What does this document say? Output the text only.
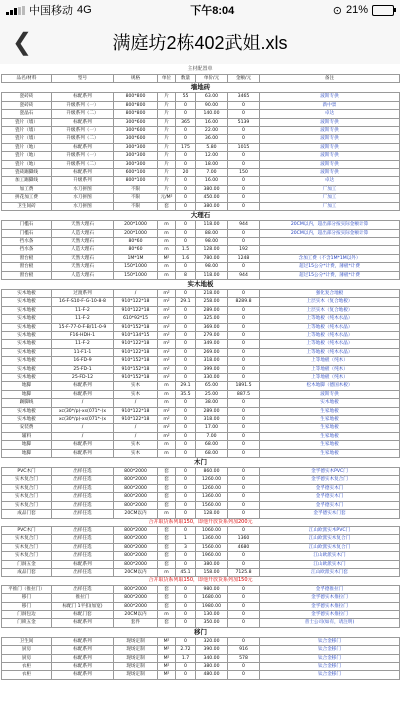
中国移动 4G	下午8:04	⊙ 21%
❮	满庭坊2栋402武姐.xls
主材配置单
品名/材料	型号	规格	单位	数量	单价/元	金额/元	备注
墙地砖							
瓷砖砖	标配系列	800*800	片	55	63.00	3465	波斯专供
瓷砖砖	升级系列（一）	800*800	片	0	90.00	0	新中景
瓷晶石	升级系列（二）	800*800	片	0	140.00	0	卓达
瓷片（墙）	标配系列	300*600	片	365	16.00	5139	波斯专供
瓷片（墙）	升级系列（一）	300*600	片	0	22.00	0	波斯专供
瓷片（墙）	升级系列（二）	300*600	片	0	36.00	0	波斯专供
瓷片（地）	标配系列	300*300	片	175	5.80	1015	波斯专供
瓷片（地）	升级系列（一）	300*300	片	0	12.00	0	波斯专供
瓷片（地）	升级系列（二）	300*300	片	0	18.00	0	波斯专供
瓷砖踢脚线	标配系列	600*100	片	20	7.00	150	波斯专供
加工踢脚线	升级系列	800*100	片	0	16.00	0	卓达
加工费	水刀拼图	不限	片	0	380.00	0	厂加工
拼花加工费	水刀拼图	不限	元/M²	0	450.00	0	厂加工
卫生间砖	水刀拼图	不限	套	0	380.00	0	厂加工
大理石							
门槛石	天然大理石	200*1000	m	0	118.00	944	20CM以内，超出部分按实际金额计算
门槛石	人造大理石	200*1000	m	0	88.00	0	20CM以内，超出部分按实际金额计算
挡水条	天然大理石	80*60	m	0	98.00	0	
挡水条	人造大理石	80*60	m	1.5	128.00	192	
窗台板	天然大理石	1M*1M	M²	1.6	780.00	1248	含加工费（不含1M*1M以外）
窗台板	天然大理石	150*1000	m	0	98.00	0	超过15公分*计费，薄板*计费
窗台板	人造大理石	150*1000	m	8	118.00	944	超过15公分*计费，薄板*计费
实木地板							
实木地板	过渡系列	/	m²	0	218.00	0	强化复合地板
实木地板	16-F-S10-F-G-10-8-8	910*122*18	m²	29.1	258.00	8289.8	上层实木（复合地板）
实木地板	11-F-2	910*122*18	m²	0	289.00	0	上层实木（复合地板）
实木地板	11-F-2	610*92*15	m²	0	325.00	0	上等地板（纯木水晶）
实木地板	15-F-77-0-F-B/11-0-9	910*152*18	m²	0	369.00	0	上等地板（纯木水晶）
实木地板	F16-HDH-1	910*134*15	m²	0	279.00	0	上等地板（纯木水晶）
实木地板	11-F-2	910*122*18	m²	0	349.00	0	上等地板（纯木水晶）
实木地板	11-F1-1	910*122*18	m²	0	269.00	0	上等地板（纯木水晶）
实木地板	16-FD-9	910*152*18	m²	0	318.00	0	上等地板（纯木）
实木地板	25-FD-1	910*152*18	m²	0	399.00	0	上等地板（纯木）
实木地板	25-FD-12	910*152*18	m²	0	330.00	0	上等地板（纯木）
地脚	标配系列	实木	m	29.1	65.00	1891.5	松木地脚（德国木板）
地脚	标配系列	实木	m	35.5	25.00	887.5	波斯专供
踢脚线	/	/	m	0	38.00	0	实木地板
实木地板	xc(30*/p)-xs(071*-)x	910*122*18	m²	0	289.00	0	生家地板
实木地板	xc(30*/p)-xs(071*-)x	910*122*18	m²	0	318.00	0	生家地板
安装费	/	/	m²	0	17.00	0	生家地板
辅料	/	/	m²	0	7.00	0	生家地板
地脚	标配系列	实木	m	0	68.00	0	生家地板
地脚	标配系列	实木	m	0	68.00	0	生家地板
木门							
PVC木门	出样任选	800*2000	套	0	860.00	0	金孚德实木PVC门
实木复合门	出样任选	800*2000	套	0	1260.00	0	金孚德实木复合门
实木复合门	出样任选	800*2000	套	0	1260.00	0	金孚德实木门
实木复合门	出样任选	800*2000	套	0	1360.00	0	金孚德实木门
实木复合门	出样任选	800*2000	套	0	1560.00	0	金孚德实木门
成品门套	出样任选	20CM以内	m	0	128.00	0	金孚德实木门套
合并取货系列取150，即他开放货系列加200元							
PVC木门	出样任选	800*2000	套	0	1060.00	0	江山欧派实木PVC门
实木复合门	出样任选	800*2000	套	1	1360.00	1360	江山欧派实木复合门
实木复合门	出样任选	800*2000	套	3	1560.00	4680	江山欧派实木复合门
实木复合门	出样任选	800*2000	套	0	1960.00	0	江山欧派实木门
门洞五金	标配系列	800*2000	套	0	380.00	0	江山欧派实木门
成品门套	出样任选	20CM以内	m	45.1	158.00	7125.8	江山欧派实木门套
合并取货系列取150，即他开放货系列加150元							
平推门（推拉门）	出样任选	800*2000	套	0	980.00	0	金孚德推拉门
移门	推拉门	800*2000	套	0	1680.00	0	金孚德实木推拉门
移门	标配门 1平扣(加宽)	800*2000	套	0	1980.00	0	金孚德实木推拉门
门洞包边	标配门套	20CM以内	m	0	130.00	0	金孚德实木推拉门
门锁五金	标配系列	套件	套	0	350.00	0	普士公司(如有，请注明)
移门							
卫生间	标配系列	现场定制	M²	0	320.00	0	钛合金移门
厨房	标配系列	现场定制	M²	2.72	390.00	916	钛合金移门
厨房	标配系列	现场定制	M²	1.7	340.00	578	钛合金移门
衣柜	标配系列	现场定制	M²	0	380.00	0	钛合金移门
衣柜	标配系列	现场定制	M²	0	480.00	0	钛合金移门
